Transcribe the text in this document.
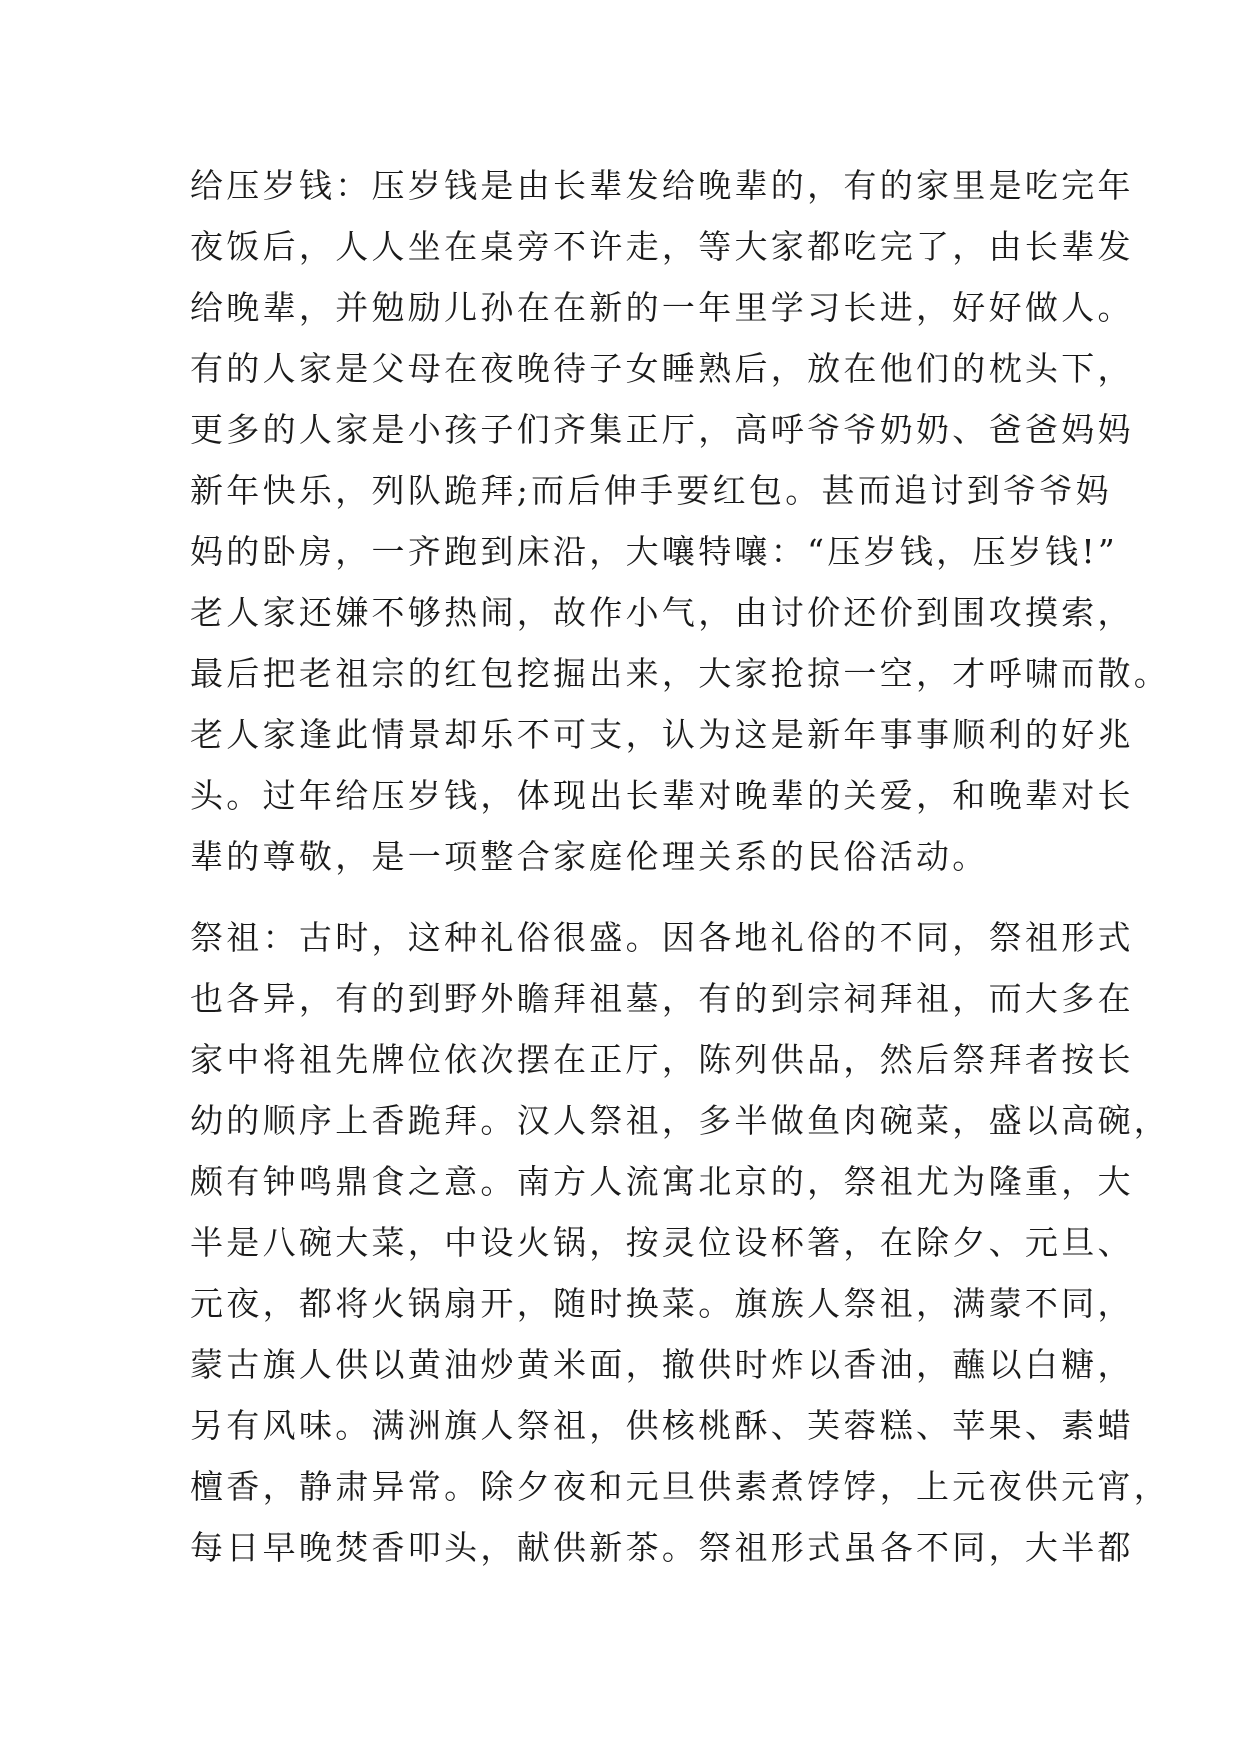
给压岁钱：压岁钱是由长辈发给晚辈的，有的家里是吃完年
夜饭后，人人坐在桌旁不许走，等大家都吃完了，由长辈发
给晚辈，并勉励儿孙在在新的一年里学习长进，好好做人。
有的人家是父母在夜晚待子女睡熟后，放在他们的枕头下，
更多的人家是小孩子们齐集正厅，高呼爷爷奶奶、爸爸妈妈
新年快乐，列队跪拜;而后伸手要红包。甚而追讨到爷爷妈
妈的卧房，一齐跑到床沿，大嚷特嚷：“压岁钱，压岁钱!”
老人家还嫌不够热闹，故作小气，由讨价还价到围攻摸索，
最后把老祖宗的红包挖掘出来，大家抢掠一空，才呼啸而散。
老人家逢此情景却乐不可支，认为这是新年事事顺利的好兆
头。过年给压岁钱，体现出长辈对晚辈的关爱，和晚辈对长
辈的尊敬，是一项整合家庭伦理关系的民俗活动。
祭祖：古时，这种礼俗很盛。因各地礼俗的不同，祭祖形式
也各异，有的到野外瞻拜祖墓，有的到宗祠拜祖，而大多在
家中将祖先牌位依次摆在正厅，陈列供品，然后祭拜者按长
幼的顺序上香跪拜。汉人祭祖，多半做鱼肉碗菜，盛以高碗，
颇有钟鸣鼎食之意。南方人流寓北京的，祭祖尤为隆重，大
半是八碗大菜，中设火锅，按灵位设杯箸，在除夕、元旦、
元夜，都将火锅扇开，随时换菜。旗族人祭祖，满蒙不同，
蒙古旗人供以黄油炒黄米面，撤供时炸以香油，蘸以白糖，
另有风味。满洲旗人祭祖，供核桃酥、芙蓉糕、苹果、素蜡
檀香，静肃异常。除夕夜和元旦供素煮饽饽，上元夜供元宵，
每日早晚焚香叩头，献供新茶。祭祖形式虽各不同，大半都
